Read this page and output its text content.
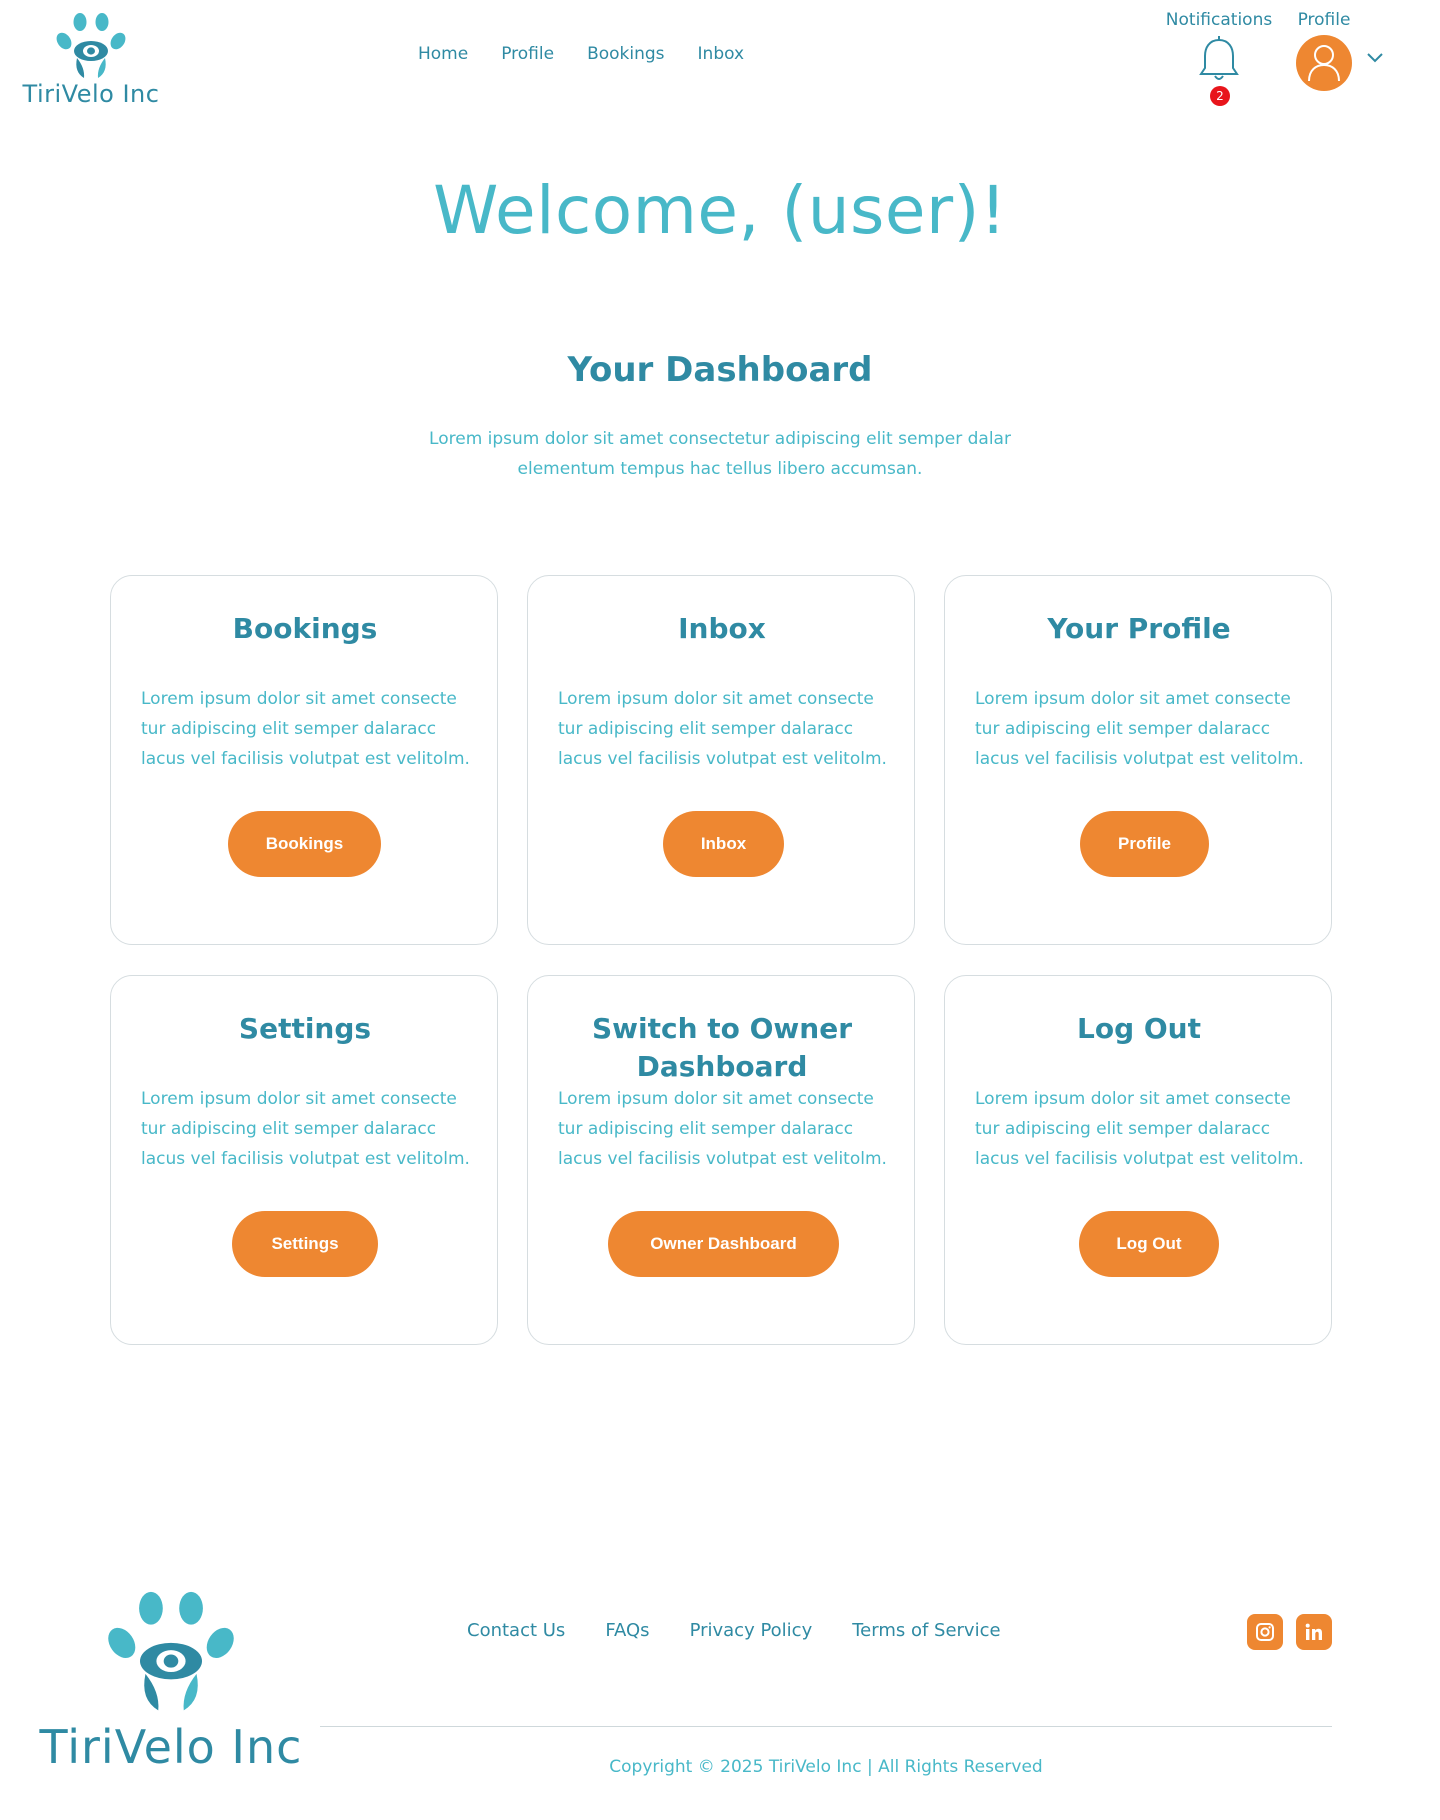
TiriVelo Inc
Home Profile Bookings Inbox
Notifications
2
Profile
Welcome, (user)!
Your Dashboard

Lorem ipsum dolor sit amet consectetur adipiscing elit semper dalar elementum tempus hac tellus libero accumsan.

Bookings
Lorem ipsum dolor sit amet consecte tur adipiscing elit semper dalaracc lacus vel facilisis volutpat est velitolm.
Bookings
Inbox
Lorem ipsum dolor sit amet consecte tur adipiscing elit semper dalaracc lacus vel facilisis volutpat est velitolm.
Inbox
Your Profile
Lorem ipsum dolor sit amet consecte tur adipiscing elit semper dalaracc lacus vel facilisis volutpat est velitolm.
Profile
Settings
Lorem ipsum dolor sit amet consecte tur adipiscing elit semper dalaracc lacus vel facilisis volutpat est velitolm.
Settings
Switch to Owner Dashboard
Lorem ipsum dolor sit amet consecte tur adipiscing elit semper dalaracc lacus vel facilisis volutpat est velitolm.
Owner Dashboard
Log Out
Lorem ipsum dolor sit amet consecte tur adipiscing elit semper dalaracc lacus vel facilisis volutpat est velitolm.
Log Out
TiriVelo Inc
Contact Us FAQs Privacy Policy Terms of Service
Copyright © 2025 TiriVelo Inc | All Rights Reserved
